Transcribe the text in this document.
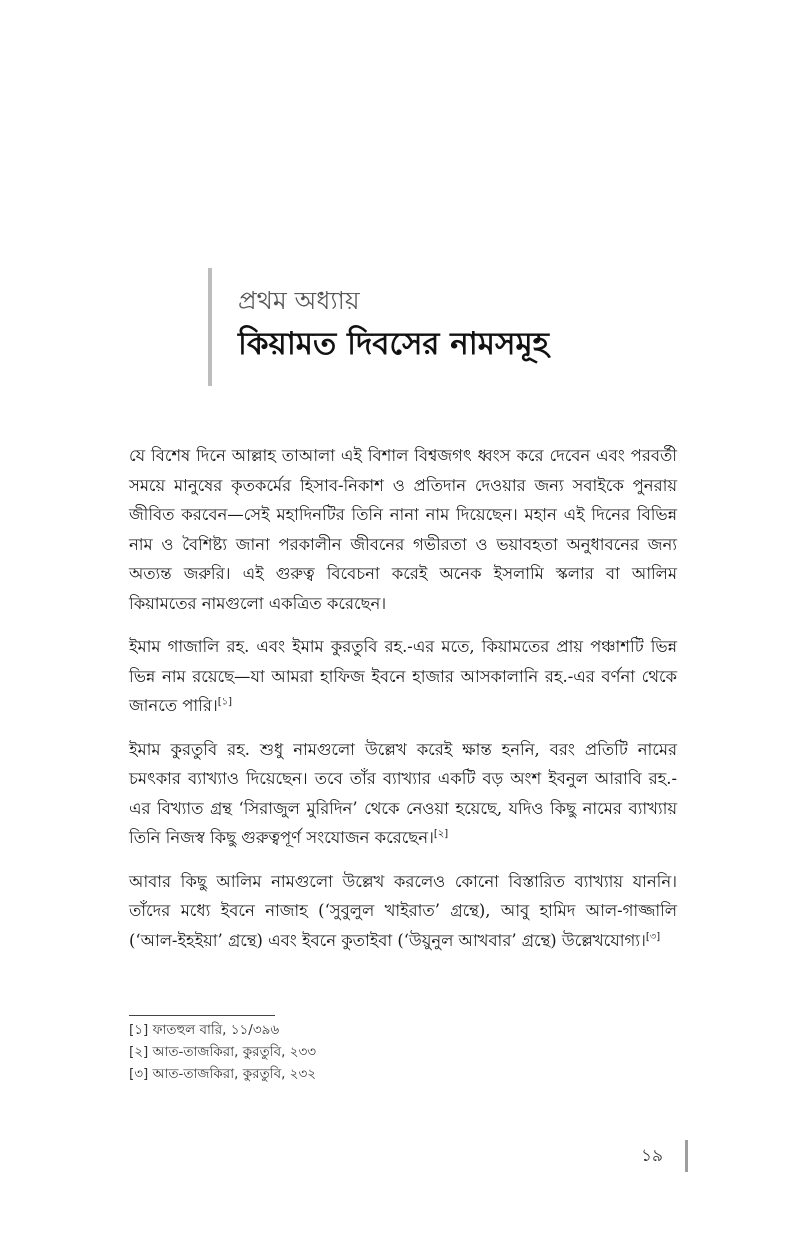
প্রথম অধ্যায়
কিয়ামত দিবসের নামসমূহ

যে বিশেষ দিনে আল্লাহ তাআলা এই বিশাল বিশ্বজগৎ ধ্বংস করে দেবেন এবং পরবর্তী সময়ে মানুষের কৃতকর্মের হিসাব-নিকাশ ও প্রতিদান দেওয়ার জন্য সবাইকে পুনরায় জীবিত করবেন—সেই মহাদিনটির তিনি নানা নাম দিয়েছেন। মহান এই দিনের বিভিন্ন নাম ও বৈশিষ্ট্য জানা পরকালীন জীবনের গভীরতা ও ভয়াবহতা অনুধাবনের জন্য অত্যন্ত জরুরি। এই গুরুত্ব বিবেচনা করেই অনেক ইসলামি স্কলার বা আলিম কিয়ামতের নামগুলো একত্রিত করেছেন।

ইমাম গাজালি রহ. এবং ইমাম কুরতুবি রহ.-এর মতে, কিয়ামতের প্রায় পঞ্চাশটি ভিন্ন ভিন্ন নাম রয়েছে—যা আমরা হাফিজ ইবনে হাজার আসকালানি রহ.-এর বর্ণনা থেকে জানতে পারি।[১]

ইমাম কুরতুবি রহ. শুধু নামগুলো উল্লেখ করেই ক্ষান্ত হননি, বরং প্রতিটি নামের চমৎকার ব্যাখ্যাও দিয়েছেন। তবে তাঁর ব্যাখ্যার একটি বড় অংশ ইবনুল আরাবি রহ.-এর বিখ্যাত গ্রন্থ ‘সিরাজুল মুরিদিন’ থেকে নেওয়া হয়েছে, যদিও কিছু নামের ব্যাখ্যায় তিনি নিজস্ব কিছু গুরুত্বপূর্ণ সংযোজন করেছেন।[২]

আবার কিছু আলিম নামগুলো উল্লেখ করলেও কোনো বিস্তারিত ব্যাখ্যায় যাননি। তাঁদের মধ্যে ইবনে নাজাহ (‘সুবুলুল খাইরাত’ গ্রন্থে), আবু হামিদ আল-গাজ্জালি (‘আল-ইহইয়া’ গ্রন্থে) এবং ইবনে কুতাইবা (‘উয়ুনুল আখবার’ গ্রন্থে) উল্লেখযোগ্য।[৩]

[১] ফাতহুল বারি, ১১/৩৯৬
[২] আত-তাজকিরা, কুরতুবি, ২৩৩
[৩] আত-তাজকিরা, কুরতুবি, ২৩২
১৯
